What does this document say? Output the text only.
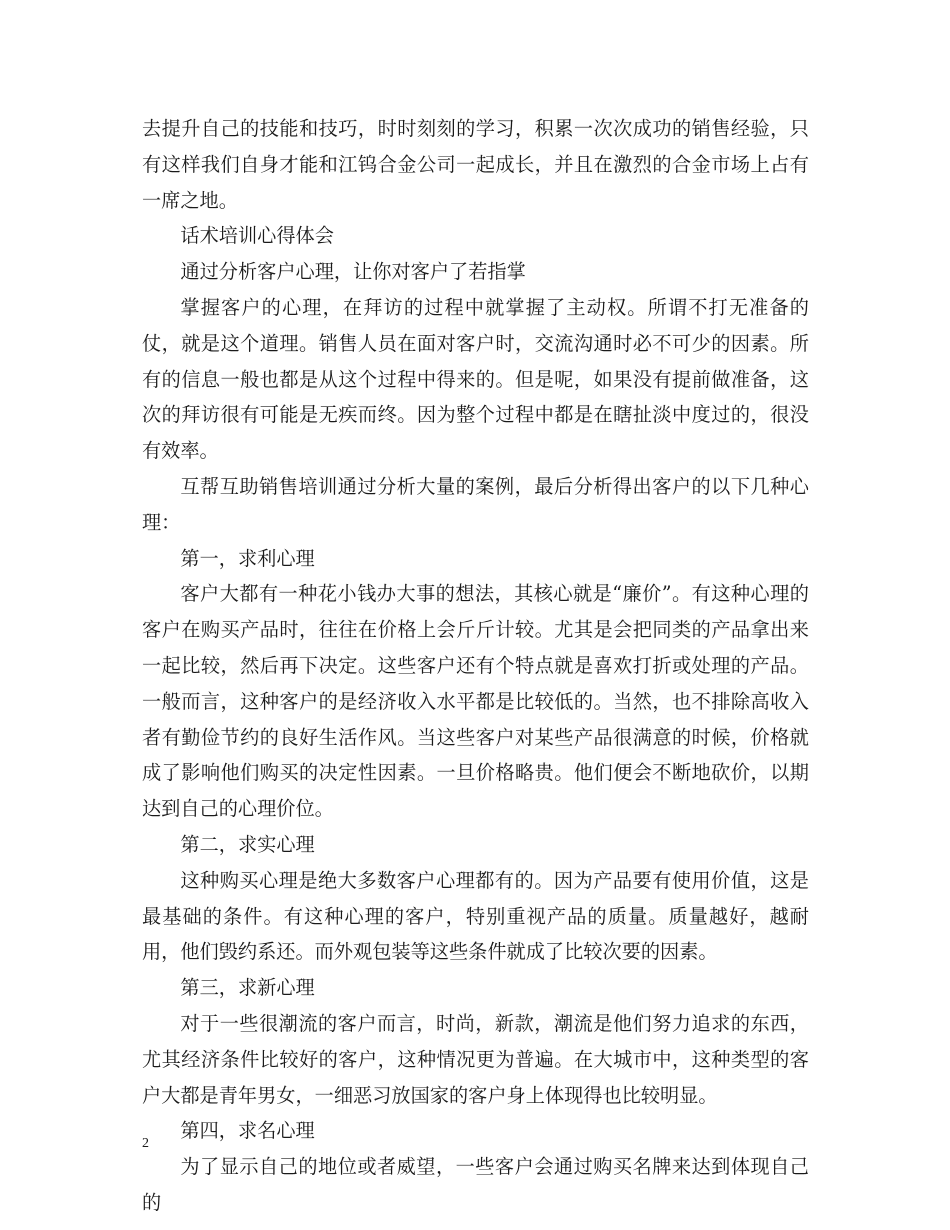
去提升自己的技能和技巧，时时刻刻的学习，积累一次次成功的销售经验，只有这样我们自身才能和江钨合金公司一起成长，并且在激烈的合金市场上占有一席之地。

话术培训心得体会

通过分析客户心理，让你对客户了若指掌

掌握客户的心理，在拜访的过程中就掌握了主动权。所谓不打无准备的仗，就是这个道理。销售人员在面对客户时，交流沟通时必不可少的因素。所有的信息一般也都是从这个过程中得来的。但是呢，如果没有提前做准备，这次的拜访很有可能是无疾而终。因为整个过程中都是在瞎扯淡中度过的，很没有效率。

互帮互助销售培训通过分析大量的案例，最后分析得出客户的以下几种心理：

第一，求利心理

客户大都有一种花小钱办大事的想法，其核心就是“廉价”。有这种心理的客户在购买产品时，往往在价格上会斤斤计较。尤其是会把同类的产品拿出来一起比较，然后再下决定。这些客户还有个特点就是喜欢打折或处理的产品。一般而言，这种客户的是经济收入水平都是比较低的。当然，也不排除高收入者有勤俭节约的良好生活作风。当这些客户对某些产品很满意的时候，价格就成了影响他们购买的决定性因素。一旦价格略贵。他们便会不断地砍价，以期达到自己的心理价位。

第二，求实心理

这种购买心理是绝大多数客户心理都有的。因为产品要有使用价值，这是最基础的条件。有这种心理的客户，特别重视产品的质量。质量越好，越耐用，他们毁约系还。而外观包装等这些条件就成了比较次要的因素。

第三，求新心理

对于一些很潮流的客户而言，时尚，新款，潮流是他们努力追求的东西，尤其经济条件比较好的客户，这种情况更为普遍。在大城市中，这种类型的客户大都是青年男女，一细恶习放国家的客户身上体现得也比较明显。

第四，求名心理

为了显示自己的地位或者威望，一些客户会通过购买名牌来达到体现自己的

2
